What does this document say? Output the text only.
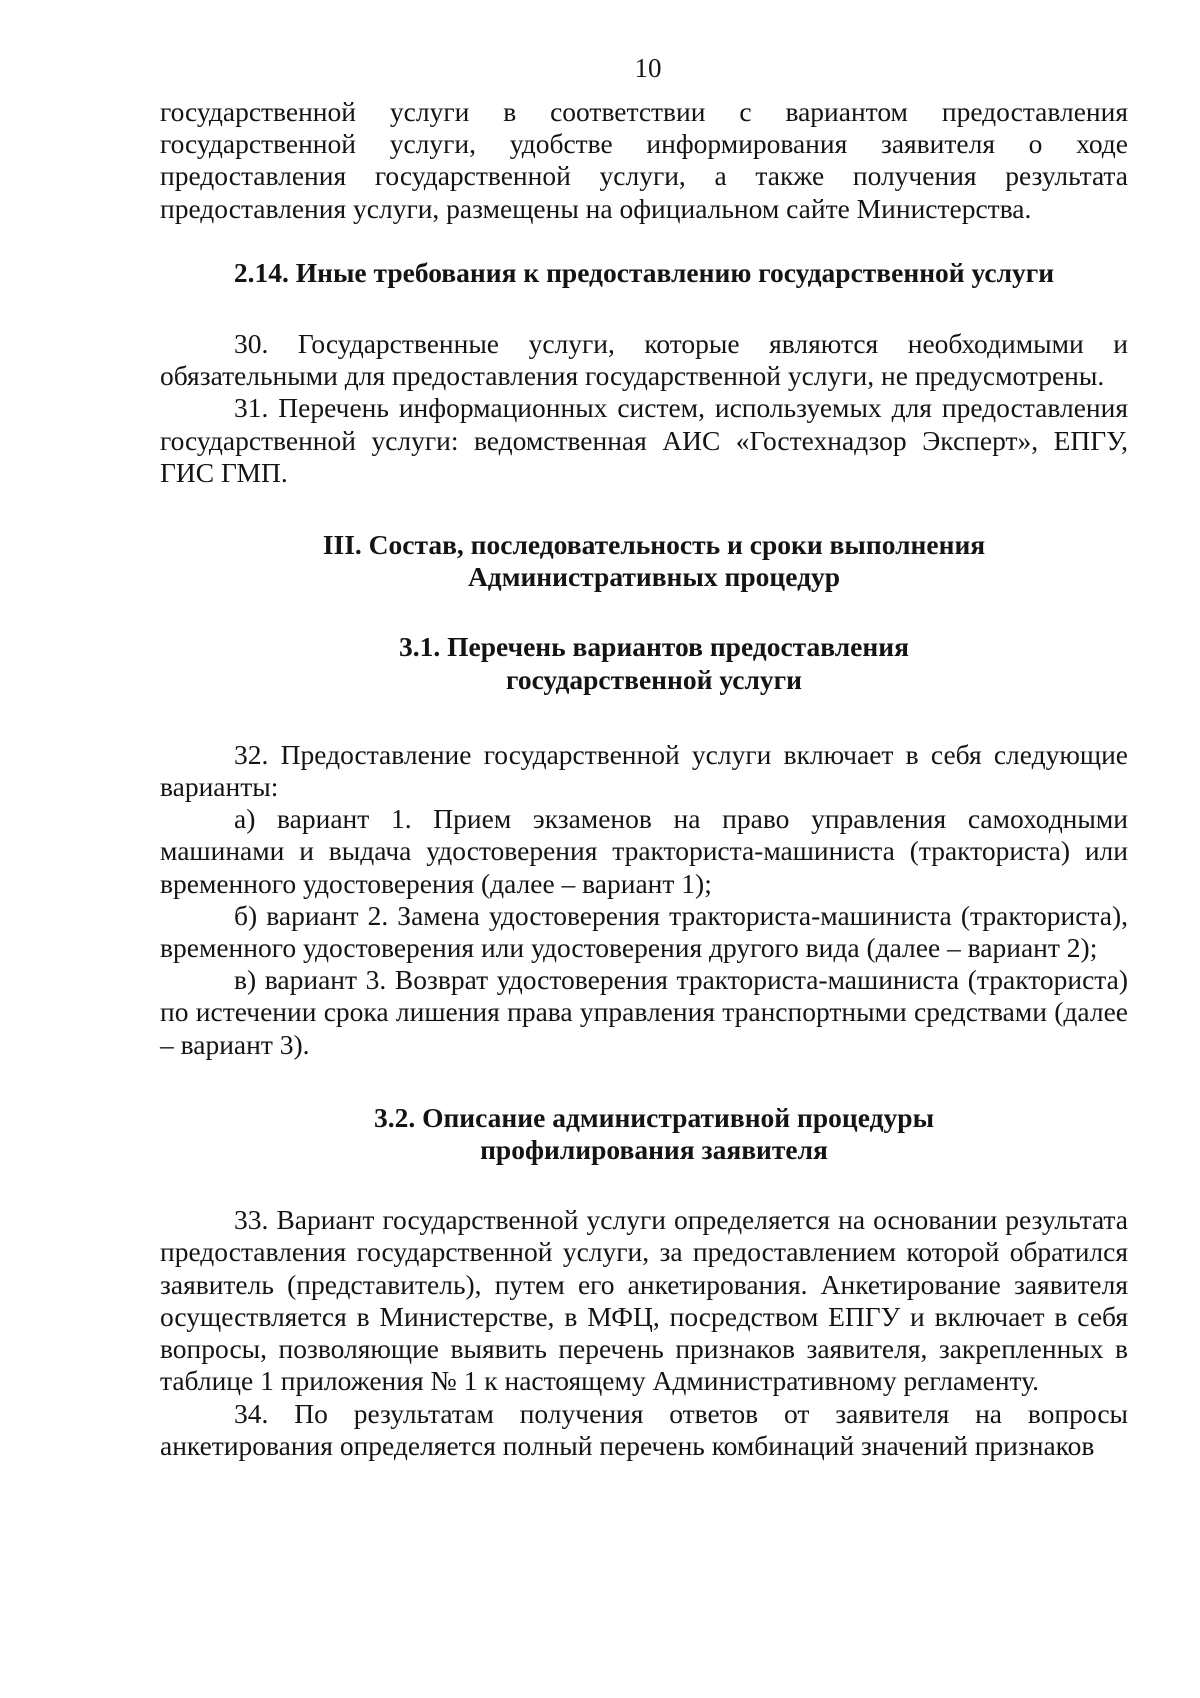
10

государственной услуги в соответствии с вариантом предоставления государственной услуги, удобстве информирования заявителя о ходе предоставления государственной услуги, а также получения результата предоставления услуги, размещены на официальном сайте Министерства.

2.14. Иные требования к предоставлению государственной услуги

30. Государственные услуги, которые являются необходимыми и обязательными для предоставления государственной услуги, не предусмотрены.

31. Перечень информационных систем, используемых для предоставления государственной услуги: ведомственная АИС «Гостехнадзор Эксперт», ЕПГУ, ГИС ГМП.

III. Состав, последовательность и сроки выполнения
Административных процедур
3.1. Перечень вариантов предоставления
государственной услуги

32. Предоставление государственной услуги включает в себя следующие варианты:

а) вариант 1. Прием экзаменов на право управления самоходными машинами и выдача удостоверения тракториста-машиниста (тракториста) или временного удостоверения (далее – вариант 1);

б) вариант 2. Замена удостоверения тракториста-машиниста (тракториста), временного удостоверения или удостоверения другого вида (далее – вариант 2);

в) вариант 3. Возврат удостоверения тракториста-машиниста (тракториста) по истечении срока лишения права управления транспортными средствами (далее – вариант 3).

3.2. Описание административной процедуры
профилирования заявителя

33. Вариант государственной услуги определяется на основании результата предоставления государственной услуги, за предоставлением которой обратился заявитель (представитель), путем его анкетирования. Анкетирование заявителя осуществляется в Министерстве, в МФЦ, посредством ЕПГУ и включает в себя вопросы, позволяющие выявить перечень признаков заявителя, закрепленных в таблице 1 приложения № 1 к настоящему Административному регламенту.

34. По результатам получения ответов от заявителя на вопросы анкетирования определяется полный перечень комбинаций значений признаков
